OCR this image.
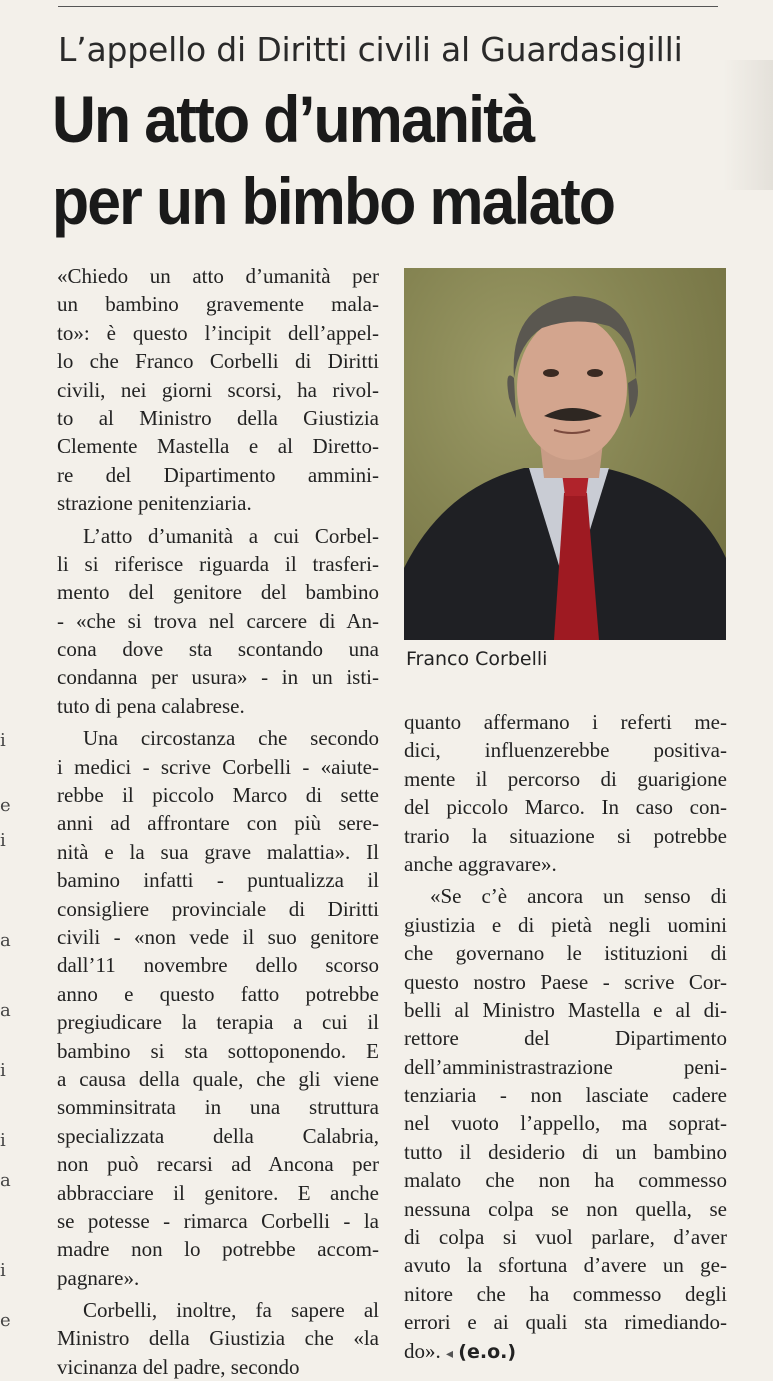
L’appello di Diritti civili al Guardasigilli
Un atto d’umanità
per un bimbo malato
«Chiedo un atto d’umanità per
un bambino gravemente mala-
to»: è questo l’incipit dell’appel-
lo che Franco Corbelli di Diritti
civili, nei giorni scorsi, ha rivol-
to al Ministro della Giustizia
Clemente Mastella e al Diretto-
re del Dipartimento ammini-
strazione penitenziaria.
L’atto d’umanità a cui Corbel-
li si riferisce riguarda il trasferi-
mento del genitore del bambino
- «che si trova nel carcere di An-
cona dove sta scontando una
condanna per usura» - in un isti-
tuto di pena calabrese.
Una circostanza che secondo
i medici - scrive Corbelli - «aiute-
rebbe il piccolo Marco di sette
anni ad affrontare con più sere-
nità e la sua grave malattia». Il
bamino infatti - puntualizza il
consigliere provinciale di Diritti
civili - «non vede il suo genitore
dall’11 novembre dello scorso
anno e questo fatto potrebbe
pregiudicare la terapia a cui il
bambino si sta sottoponendo. E
a causa della quale, che gli viene
somminsitrata in una struttura
specializzata della Calabria,
non può recarsi ad Ancona per
abbracciare il genitore. E anche
se potesse - rimarca Corbelli - la
madre non lo potrebbe accom-
pagnare».
Corbelli, inoltre, fa sapere al
Ministro della Giustizia che «la
vicinanza del padre, secondo
Franco Corbelli
quanto affermano i referti me-
dici, influenzerebbe positiva-
mente il percorso di guarigione
del piccolo Marco. In caso con-
trario la situazione si potrebbe
anche aggravare».
«Se c’è ancora un senso di
giustizia e di pietà negli uomini
che governano le istituzioni di
questo nostro Paese - scrive Cor-
belli al Ministro Mastella e al di-
rettore del Dipartimento
dell’amministrastrazione peni-
tenziaria - non lasciate cadere
nel vuoto l’appello, ma soprat-
tutto il desiderio di un bambino
malato che non ha commesso
nessuna colpa se non quella, se
di colpa si vuol parlare, d’aver
avuto la sfortuna d’avere un ge-
nitore che ha commesso degli
errori e ai quali sta rimediando-
do». ◂ (e.o.)
i
e
i
a
a
i
i
a
i
e
